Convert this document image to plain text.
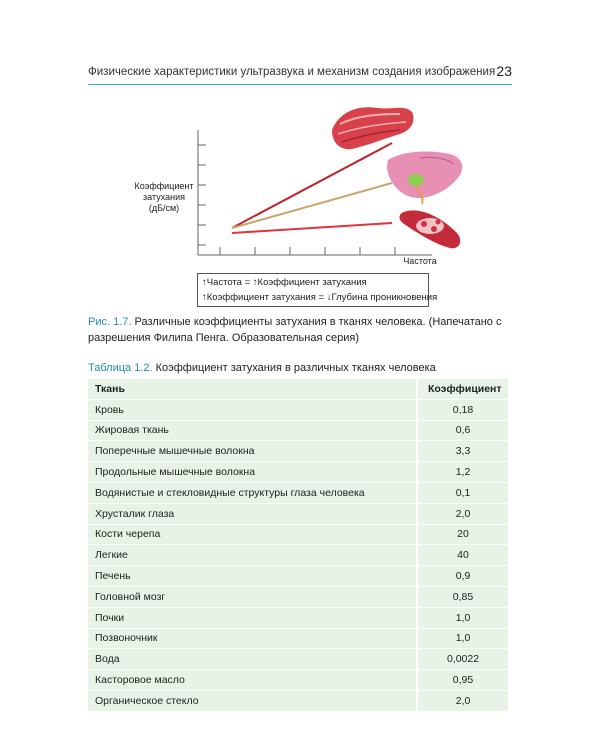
Физические характеристики ультразвука и механизм создания изображения 23
Коэффициент
затухания
(дБ/см)
Частота
↑Частота = ↑Коэффициент затухания
↑Коэффициент затухания = ↓Глубина проникновения
Рис. 1.7. Различные коэффициенты затухания в тканях человека. (Напечатано с разрешения Филипа Пенга. Образовательная серия)
Таблица 1.2. Коэффициент затухания в различных тканях человека
Ткань	Коэффициент
Кровь	0,18
Жировая ткань	0,6
Поперечные мышечные волокна	3,3
Продольные мышечные волокна	1,2
Водянистые и стекловидные структуры глаза человека	0,1
Хрусталик глаза	2,0
Кости черепа	20
Легкие	40
Печень	0,9
Головной мозг	0,85
Почки	1,0
Позвоночник	1,0
Вода	0,0022
Касторовое масло	0,95
Органическое стекло	2,0
